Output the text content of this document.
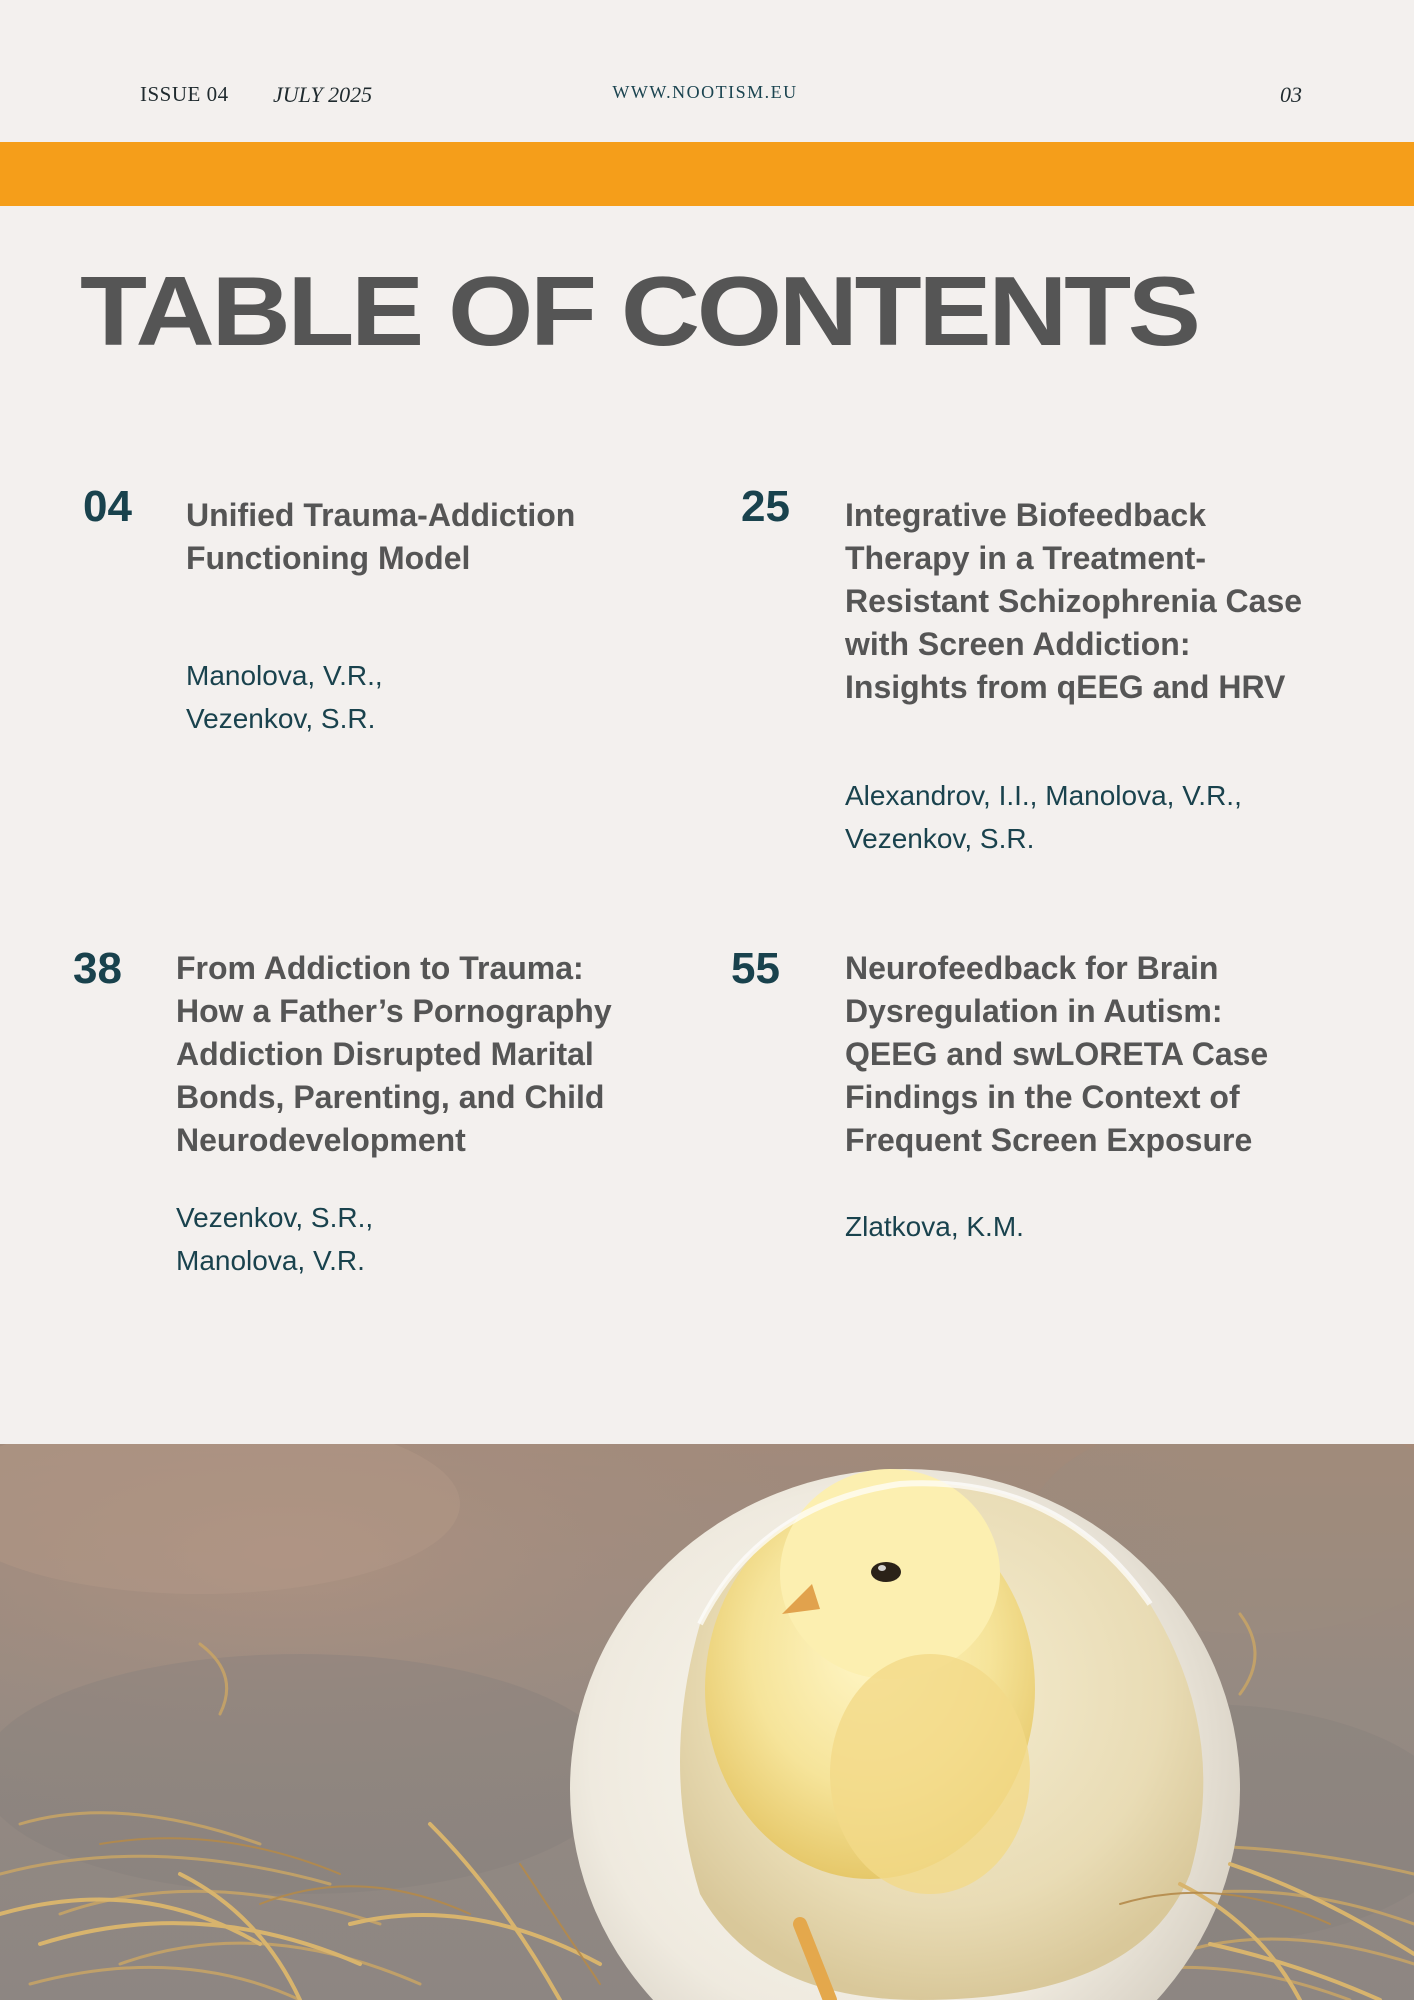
ISSUE 04 JULY 2025	WWW.NOOTISM.EU	03
TABLE OF CONTENTS
04 Unified Trauma-Addiction
Functioning Model
Manolova, V.R.,
Vezenkov, S.R.
25 Integrative Biofeedback
Therapy in a Treatment-
Resistant Schizophrenia Case
with Screen Addiction:
Insights from qEEG and HRV
Alexandrov, I.I., Manolova, V.R.,
Vezenkov, S.R.
38 From Addiction to Trauma:
How a Father’s Pornography
Addiction Disrupted Marital
Bonds, Parenting, and Child
Neurodevelopment
Vezenkov, S.R.,
Manolova, V.R.
55 Neurofeedback for Brain
Dysregulation in Autism:
QEEG and swLORETA Case
Findings in the Context of
Frequent Screen Exposure
Zlatkova, K.M.
